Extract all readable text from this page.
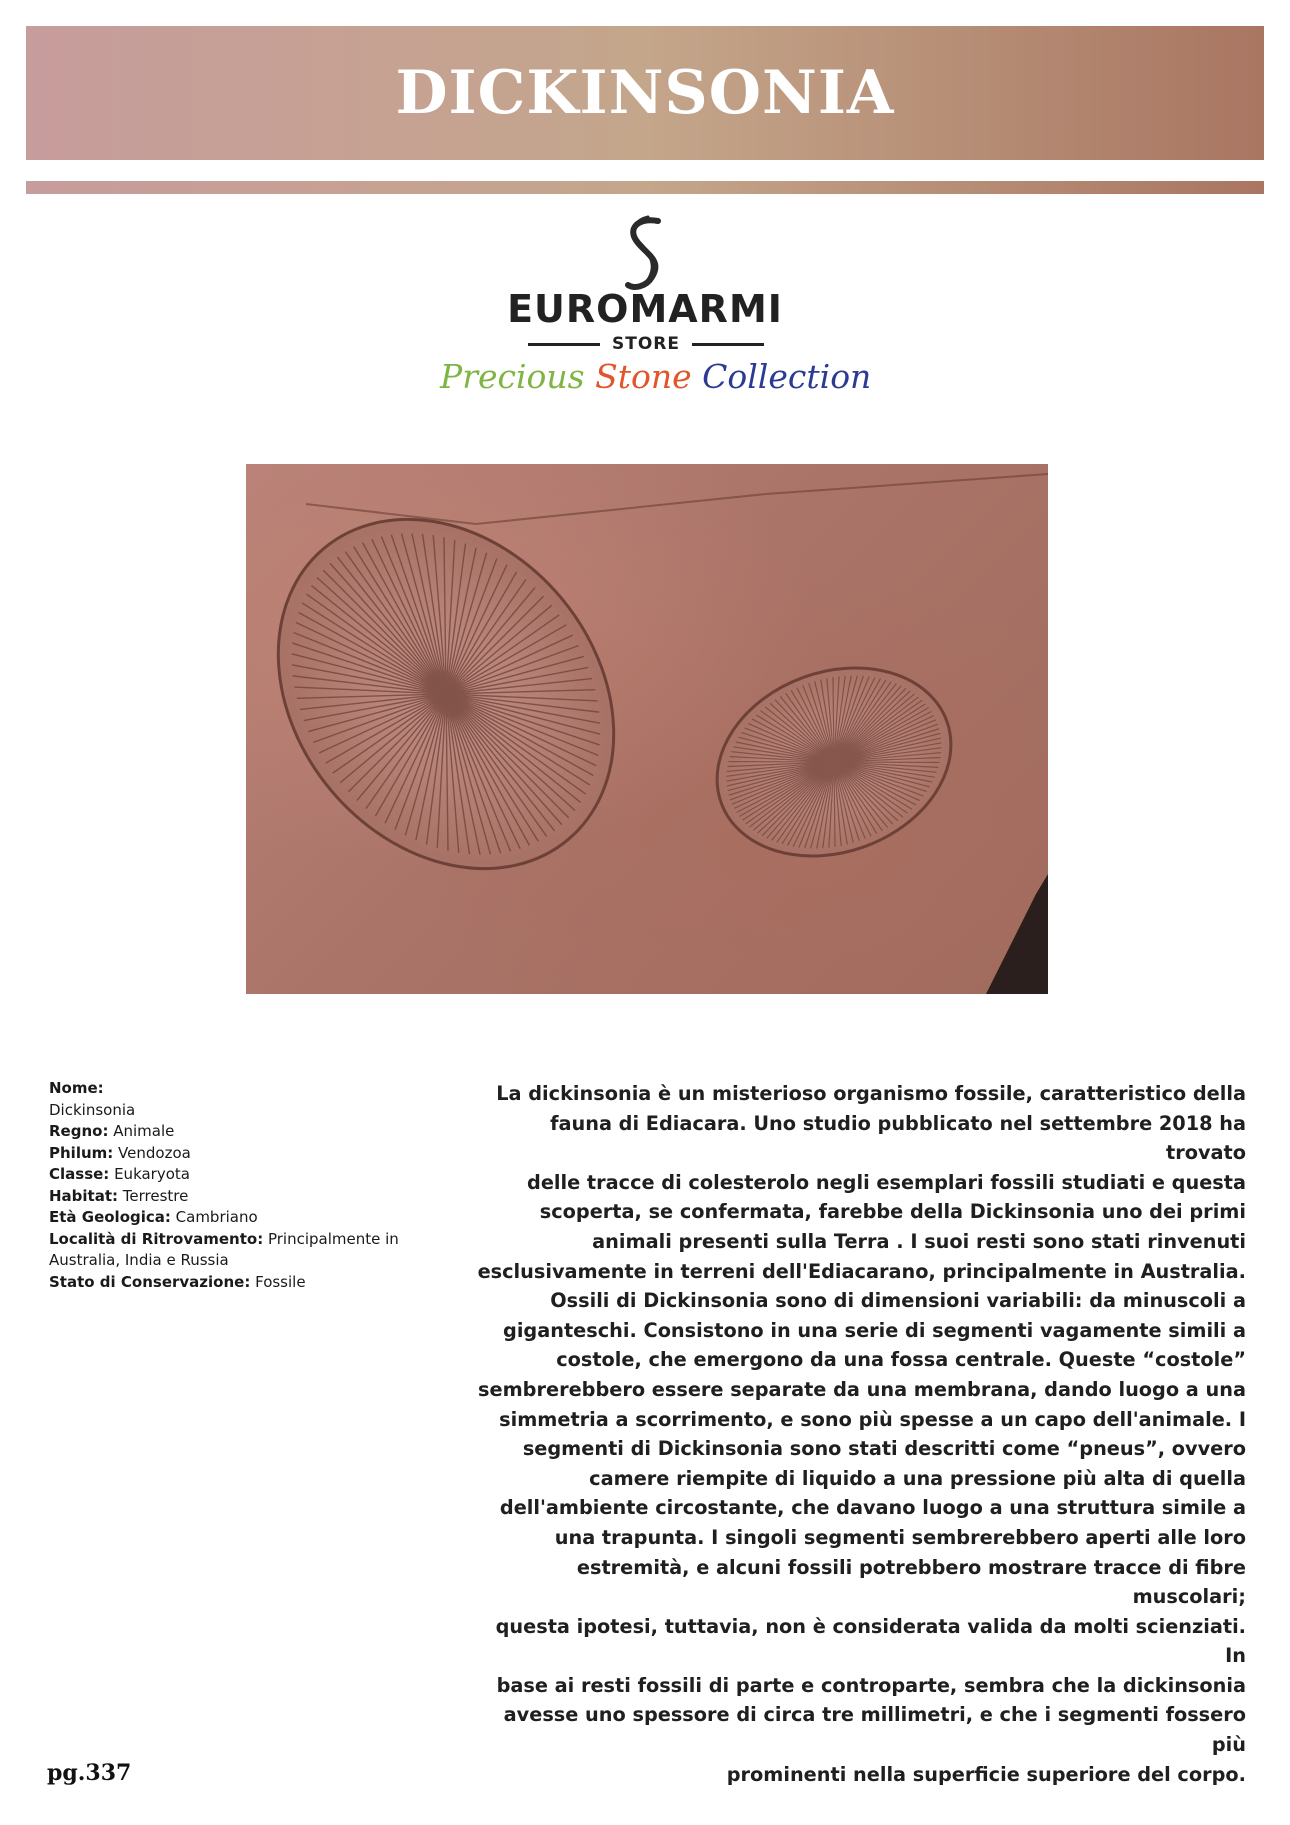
DICKINSONIA
EUROMARMI
STORE
Precious Stone Collection
Nome:
Dickinsonia
Regno: Animale
Philum: Vendozoa
Classe: Eukaryota
Habitat: Terrestre
Età Geologica: Cambriano
Località di Ritrovamento: Principalmente in Australia, India e Russia
Stato di Conservazione: Fossile
La dickinsonia è un misterioso organismo fossile, caratteristico della
fauna di Ediacara. Uno studio pubblicato nel settembre 2018 ha trovato
delle tracce di colesterolo negli esemplari fossili studiati e questa
scoperta, se confermata, farebbe della Dickinsonia uno dei primi
animali presenti sulla Terra . I suoi resti sono stati rinvenuti
esclusivamente in terreni dell'Ediacarano, principalmente in Australia.
Ossili di Dickinsonia sono di dimensioni variabili: da minuscoli a
giganteschi. Consistono in una serie di segmenti vagamente simili a
costole, che emergono da una fossa centrale. Queste “costole”
sembrerebbero essere separate da una membrana, dando luogo a una
simmetria a scorrimento, e sono più spesse a un capo dell'animale. I
segmenti di Dickinsonia sono stati descritti come “pneus”, ovvero
camere riempite di liquido a una pressione più alta di quella
dell'ambiente circostante, che davano luogo a una struttura simile a
una trapunta. I singoli segmenti sembrerebbero aperti alle loro
estremità, e alcuni fossili potrebbero mostrare tracce di fibre muscolari;
questa ipotesi, tuttavia, non è considerata valida da molti scienziati. In
base ai resti fossili di parte e controparte, sembra che la dickinsonia
avesse uno spessore di circa tre millimetri, e che i segmenti fossero più
prominenti nella superficie superiore del corpo.
pg.337
